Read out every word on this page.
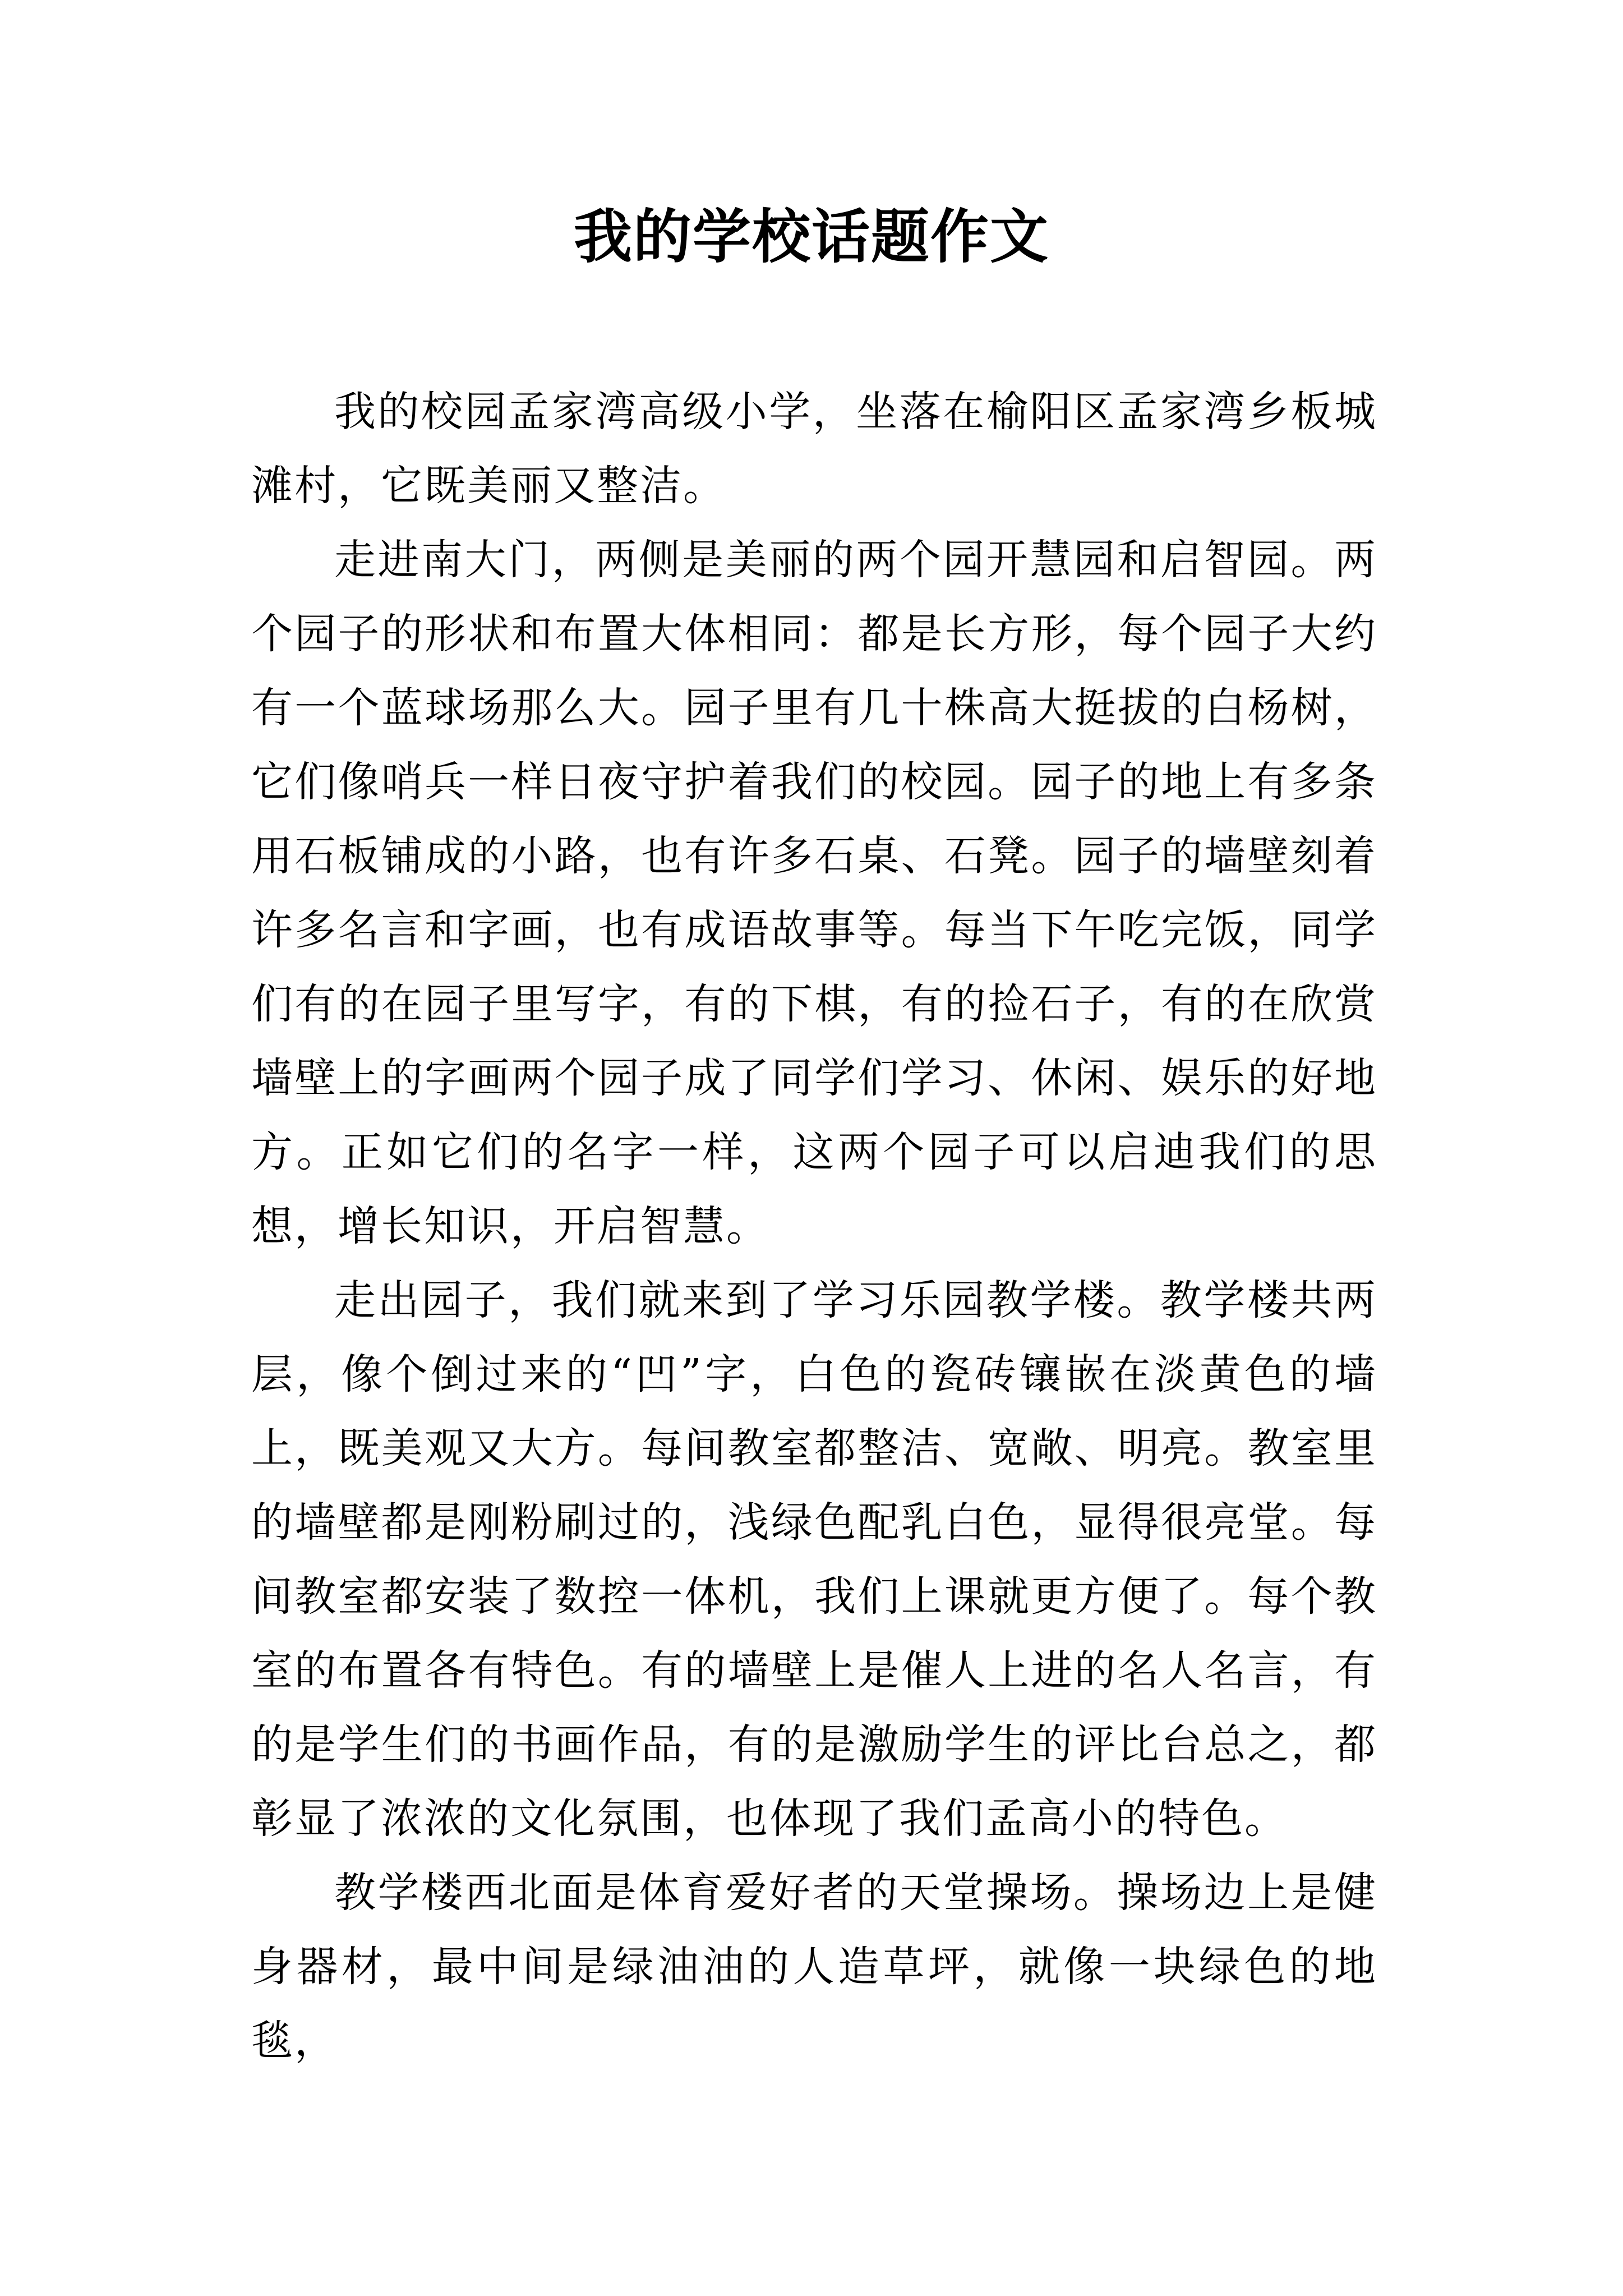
我的学校话题作文

我的校园孟家湾高级小学，坐落在榆阳区孟家湾乡板城滩村，它既美丽又整洁。

走进南大门，两侧是美丽的两个园开慧园和启智园。两个园子的形状和布置大体相同：都是长方形，每个园子大约有一个蓝球场那么大。园子里有几十株高大挺拔的白杨树，它们像哨兵一样日夜守护着我们的校园。园子的地上有多条用石板铺成的小路，也有许多石桌、石凳。园子的墙壁刻着许多名言和字画，也有成语故事等。每当下午吃完饭，同学们有的在园子里写字，有的下棋，有的捡石子，有的在欣赏墙壁上的字画两个园子成了同学们学习、休闲、娱乐的好地方。正如它们的名字一样，这两个园子可以启迪我们的思想，增长知识，开启智慧。

走出园子，我们就来到了学习乐园教学楼。教学楼共两层，像个倒过来的“凹”字，白色的瓷砖镶嵌在淡黄色的墙上，既美观又大方。每间教室都整洁、宽敞、明亮。教室里的墙壁都是刚粉刷过的，浅绿色配乳白色，显得很亮堂。每间教室都安装了数控一体机，我们上课就更方便了。每个教室的布置各有特色。有的墙壁上是催人上进的名人名言，有的是学生们的书画作品，有的是激励学生的评比台总之，都彰显了浓浓的文化氛围，也体现了我们孟高小的特色。

教学楼西北面是体育爱好者的天堂操场。操场边上是健身器材，最中间是绿油油的人造草坪，就像一块绿色的地毯，
